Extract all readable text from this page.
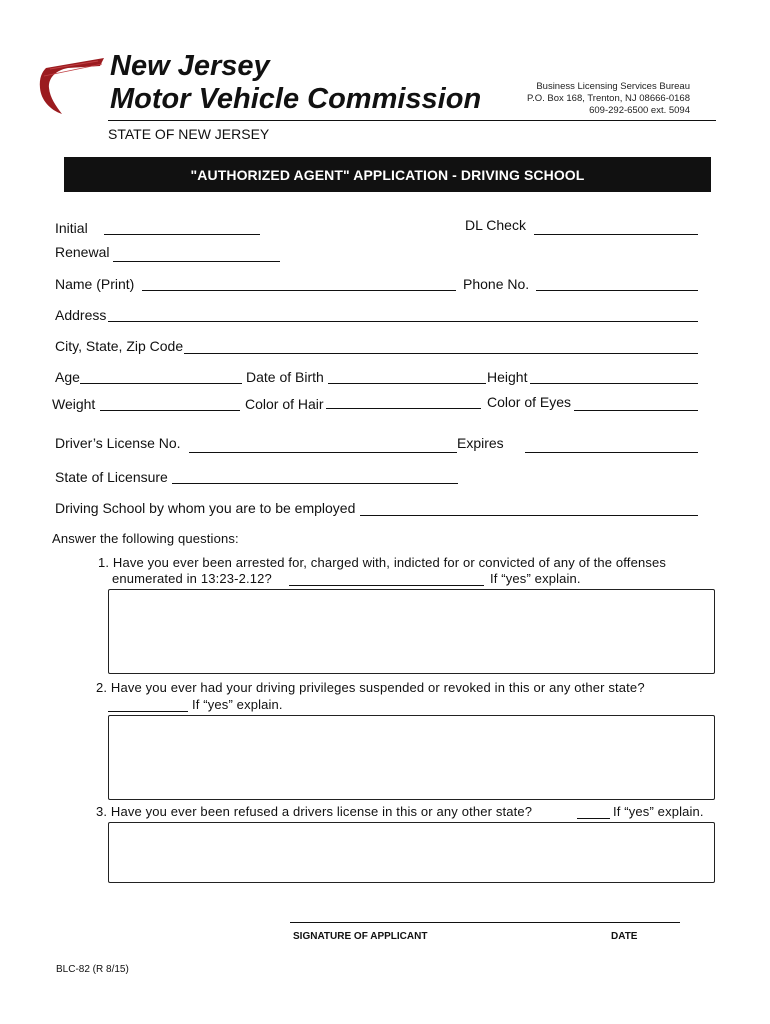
New Jersey
Motor Vehicle Commission	Business Licensing Services Bureau
P.O. Box 168, Trenton, NJ 08666-0168
609-292-6500 ext. 5094
STATE OF NEW JERSEY
"AUTHORIZED AGENT" APPLICATION - DRIVING SCHOOL
Initial	DL Check
Renewal
Name (Print)	Phone No.
Address
City, State, Zip Code
Age	Date of Birth	Height
Weight	Color of Hair	Color of Eyes
Driver’s License No.	Expires
State of Licensure
Driving School by whom you are to be employed
Answer the following questions:
1. Have you ever been arrested for, charged with, indicted for or convicted of any of the offenses
enumerated in 13:23-2.12?	If “yes” explain.
2. Have you ever had your driving privileges suspended or revoked in this or any other state?
If “yes” explain.
3. Have you ever been refused a drivers license in this or any other state?	If “yes” explain.
SIGNATURE OF APPLICANT	DATE
BLC-82 (R 8/15)
